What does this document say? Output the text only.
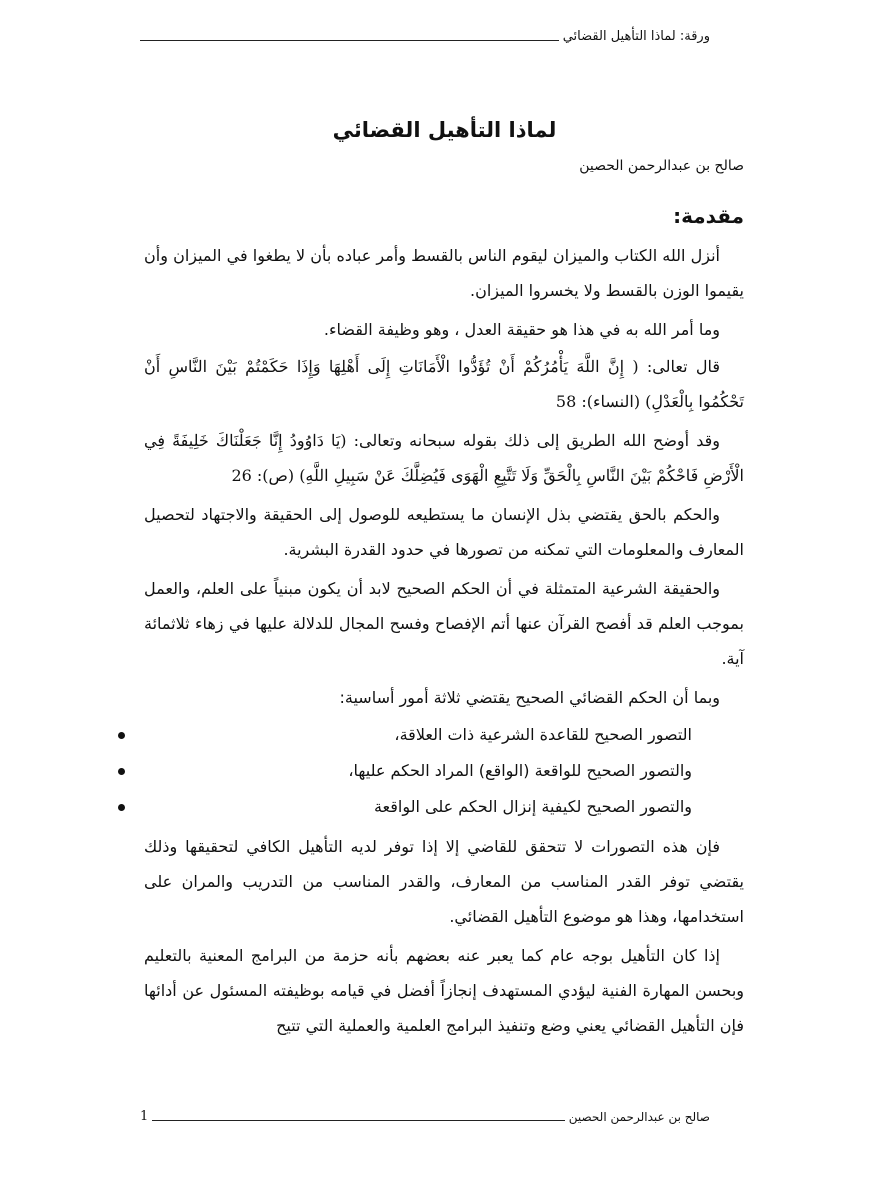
ورقة: لماذا التأهيل القضائي
لماذا التأهيل القضائي
صالح بن عبدالرحمن الحصين
مقدمة:

أنزل الله الكتاب والميزان ليقوم الناس بالقسط وأمر عباده بأن لا يطغوا في الميزان وأن يقيموا الوزن بالقسط ولا يخسروا الميزان.

وما أمر الله به في هذا هو حقيقة العدل ، وهو وظيفة القضاء.

قال تعالى: ( إِنَّ اللَّهَ يَأْمُرُكُمْ أَنْ تُؤَدُّوا الْأَمَانَاتِ إِلَى أَهْلِهَا وَإِذَا حَكَمْتُمْ بَيْنَ النَّاسِ أَنْ تَحْكُمُوا بِالْعَدْلِ) (النساء): 58

وقد أوضح الله الطريق إلى ذلك بقوله سبحانه وتعالى: (يَا دَاوُودُ إِنَّا جَعَلْنَاكَ خَلِيفَةً فِي الْأَرْضِ فَاحْكُمْ بَيْنَ النَّاسِ بِالْحَقِّ وَلَا تَتَّبِعِ الْهَوَى فَيُضِلَّكَ عَنْ سَبِيلِ اللَّهِ) (ص): 26

والحكم بالحق يقتضي بذل الإنسان ما يستطيعه للوصول إلى الحقيقة والاجتهاد لتحصيل المعارف والمعلومات التي تمكنه من تصورها في حدود القدرة البشرية.

والحقيقة الشرعية المتمثلة في أن الحكم الصحيح لابد أن يكون مبنياً على العلم، والعمل بموجب العلم قد أفصح القرآن عنها أتم الإفصاح وفسح المجال للدلالة عليها في زهاء ثلاثمائة آية.

وبما أن الحكم القضائي الصحيح يقتضي ثلاثة أمور أساسية:

التصور الصحيح للقاعدة الشرعية ذات العلاقة،
والتصور الصحيح للواقعة (الواقع) المراد الحكم عليها،
والتصور الصحيح لكيفية إنزال الحكم على الواقعة

فإن هذه التصورات لا تتحقق للقاضي إلا إذا توفر لديه التأهيل الكافي لتحقيقها وذلك يقتضي توفر القدر المناسب من المعارف، والقدر المناسب من التدريب والمران على استخدامها، وهذا هو موضوع التأهيل القضائي.

إذا كان التأهيل بوجه عام كما يعبر عنه بعضهم بأنه حزمة من البرامج المعنية بالتعليم وبحسن المهارة الفنية ليؤدي المستهدف إنجازاً أفضل في قيامه بوظيفته المسئول عن أدائها فإن التأهيل القضائي يعني وضع وتنفيذ البرامج العلمية والعملية التي تتيح

صالح بن عبدالرحمن الحصين
1
